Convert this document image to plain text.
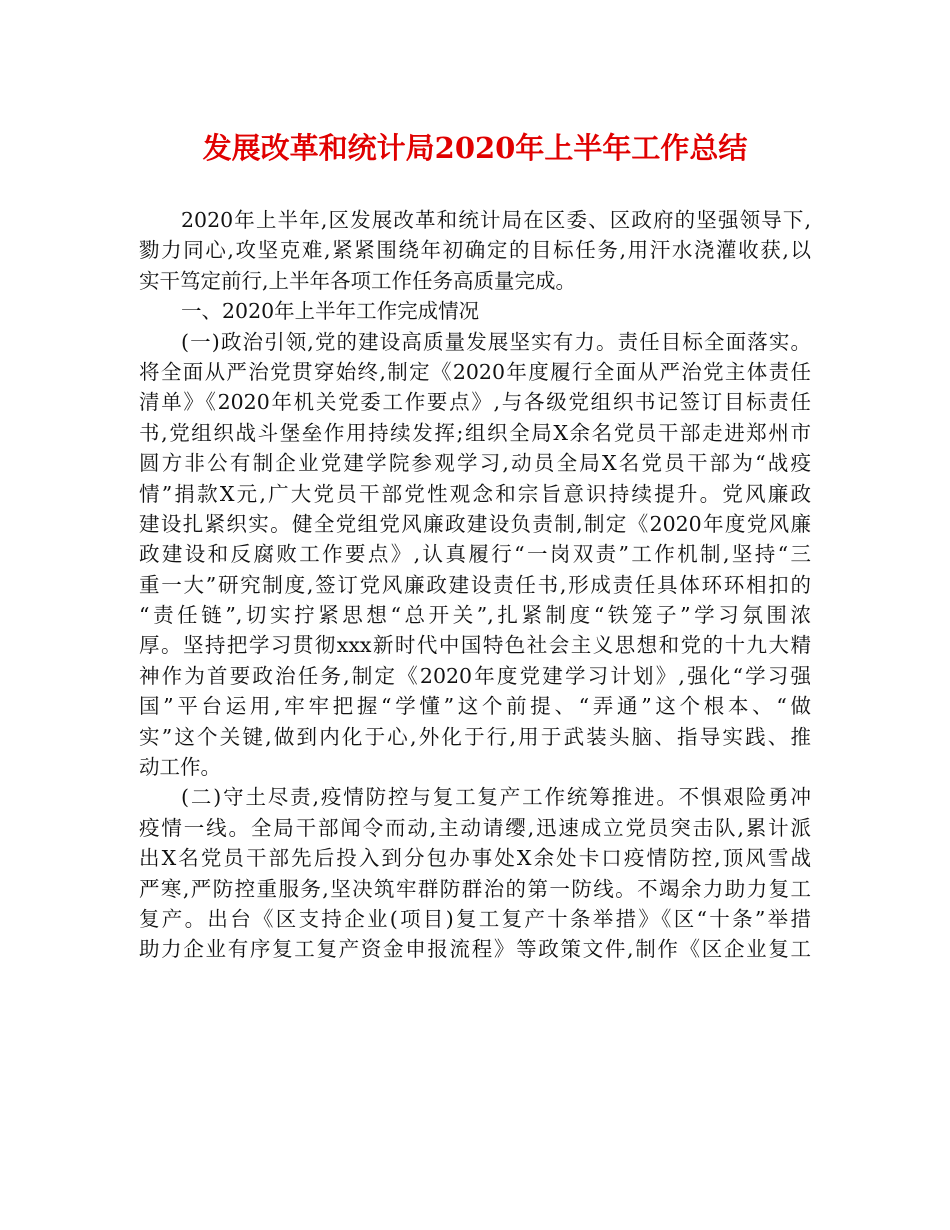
发展改革和统计局2020年上半年工作总结
2020年上半年,区发展改革和统计局在区委、区政府的坚强领导下,
勠力同心,攻坚克难,紧紧围绕年初确定的目标任务,用汗水浇灌收获,以
实干笃定前行,上半年各项工作任务高质量完成。
一、2020年上半年工作完成情况
(一)政治引领,党的建设高质量发展坚实有力。责任目标全面落实。
将全面从严治党贯穿始终,制定《2020年度履行全面从严治党主体责任
清单》《2020年机关党委工作要点》,与各级党组织书记签订目标责任
书,党组织战斗堡垒作用持续发挥;组织全局X余名党员干部走进郑州市
圆方非公有制企业党建学院参观学习,动员全局X名党员干部为“战疫
情”捐款X元,广大党员干部党性观念和宗旨意识持续提升。党风廉政
建设扎紧织实。健全党组党风廉政建设负责制,制定《2020年度党风廉
政建设和反腐败工作要点》,认真履行“一岗双责”工作机制,坚持“三
重一大”研究制度,签订党风廉政建设责任书,形成责任具体环环相扣的
“责任链”,切实拧紧思想“总开关”,扎紧制度“铁笼子”学习氛围浓
厚。坚持把学习贯彻xxx新时代中国特色社会主义思想和党的十九大精
神作为首要政治任务,制定《2020年度党建学习计划》,强化“学习强
国”平台运用,牢牢把握“学懂”这个前提、“弄通”这个根本、“做
实”这个关键,做到内化于心,外化于行,用于武装头脑、指导实践、推
动工作。
(二)守土尽责,疫情防控与复工复产工作统筹推进。不惧艰险勇冲
疫情一线。全局干部闻令而动,主动请缨,迅速成立党员突击队,累计派
出X名党员干部先后投入到分包办事处X余处卡口疫情防控,顶风雪战
严寒,严防控重服务,坚决筑牢群防群治的第一防线。不竭余力助力复工
复产。出台《区支持企业(项目)复工复产十条举措》《区“十条”举措
助力企业有序复工复产资金申报流程》等政策文件,制作《区企业复工
